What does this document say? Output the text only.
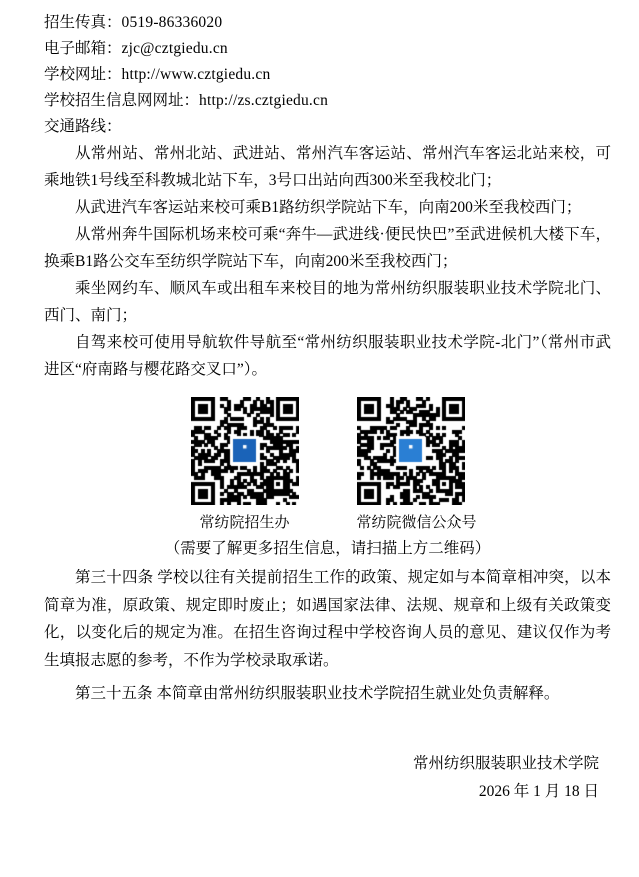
招生传真：0519-86336020
电子邮箱：zjc@cztgiedu.cn
学校网址：http://www.cztgiedu.cn
学校招生信息网网址：http://zs.cztgiedu.cn
交通路线：

从常州站、常州北站、武进站、常州汽车客运站、常州汽车客运北站来校，可乘地铁1号线至科教城北站下车，3号口出站向西300米至我校北门；

从武进汽车客运站来校可乘B1路纺织学院站下车，向南200米至我校西门；

从常州奔牛国际机场来校可乘“奔牛—武进线·便民快巴”至武进候机大楼下车，换乘B1路公交车至纺织学院站下车，向南200米至我校西门；

乘坐网约车、顺风车或出租车来校目的地为常州纺织服装职业技术学院北门、西门、南门；

自驾来校可使用导航软件导航至“常州纺织服装职业技术学院-北门”（常州市武进区“府南路与樱花路交叉口”）。

常纺院招生办	常纺院微信公众号
（需要了解更多招生信息，请扫描上方二维码）

第三十四条 学校以往有关提前招生工作的政策、规定如与本简章相冲突，以本简章为准，原政策、规定即时废止；如遇国家法律、法规、规章和上级有关政策变化，以变化后的规定为准。在招生咨询过程中学校咨询人员的意见、建议仅作为考生填报志愿的参考，不作为学校录取承诺。

第三十五条 本简章由常州纺织服装职业技术学院招生就业处负责解释。

常州纺织服装职业技术学院
2026 年 1 月 18 日
